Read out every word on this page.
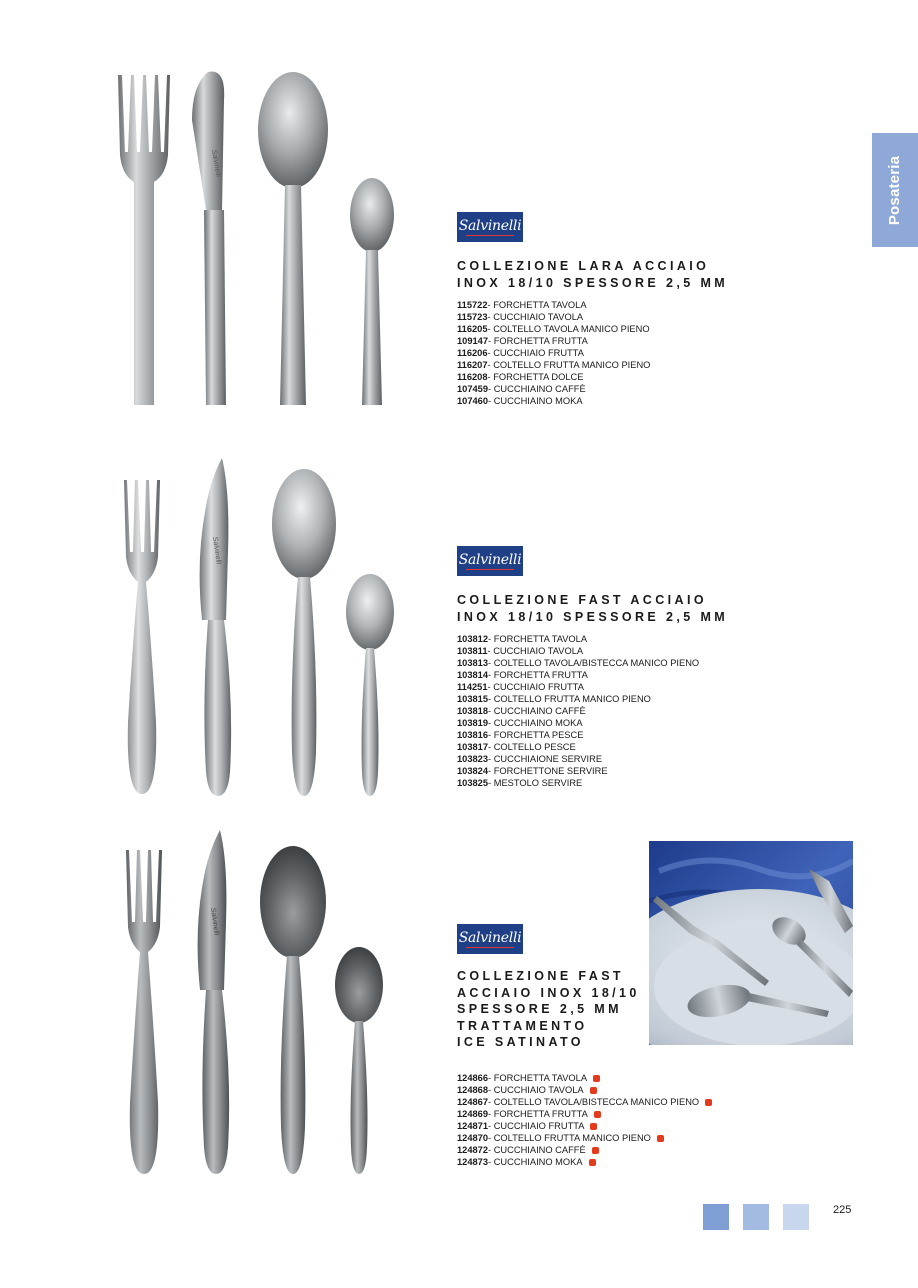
Posateria
Salvinelli
Salvinelli
COLLEZIONE LARA ACCIAIO
INOX 18/10 SPESSORE 2,5 MM
115722 - FORCHETTA TAVOLA
115723 - CUCCHIAIO TAVOLA
116205 - COLTELLO TAVOLA MANICO PIENO
109147 - FORCHETTA FRUTTA
116206 - CUCCHIAIO FRUTTA
116207 - COLTELLO FRUTTA MANICO PIENO
116208 - FORCHETTA DOLCE
107459 - CUCCHIAINO CAFFÈ
107460 - CUCCHIAINO MOKA
Salvinelli	Salvinelli
COLLEZIONE FAST ACCIAIO
INOX 18/10 SPESSORE 2,5 MM
103812 - FORCHETTA TAVOLA
103811 - CUCCHIAIO TAVOLA
103813 - COLTELLO TAVOLA/BISTECCA MANICO PIENO
103814 - FORCHETTA FRUTTA
114251 - CUCCHIAIO FRUTTA
103815 - COLTELLO FRUTTA MANICO PIENO
103818 - CUCCHIAINO CAFFÈ
103819 - CUCCHIAINO MOKA
103816 - FORCHETTA PESCE
103817 - COLTELLO PESCE
103823 - CUCCHIAIONE SERVIRE
103824 - FORCHETTONE SERVIRE
103825 - MESTOLO SERVIRE
Salvinelli
Salvinelli
COLLEZIONE FAST
ACCIAIO INOX 18/10
SPESSORE 2,5 MM
TRATTAMENTO
ICE SATINATO
124866 - FORCHETTA TAVOLA
124868 - CUCCHIAIO TAVOLA
124867 - COLTELLO TAVOLA/BISTECCA MANICO PIENO
124869 - FORCHETTA FRUTTA
124871 - CUCCHIAIO FRUTTA
124870 - COLTELLO FRUTTA MANICO PIENO
124872 - CUCCHIAINO CAFFÈ
124873 - CUCCHIAINO MOKA
225
